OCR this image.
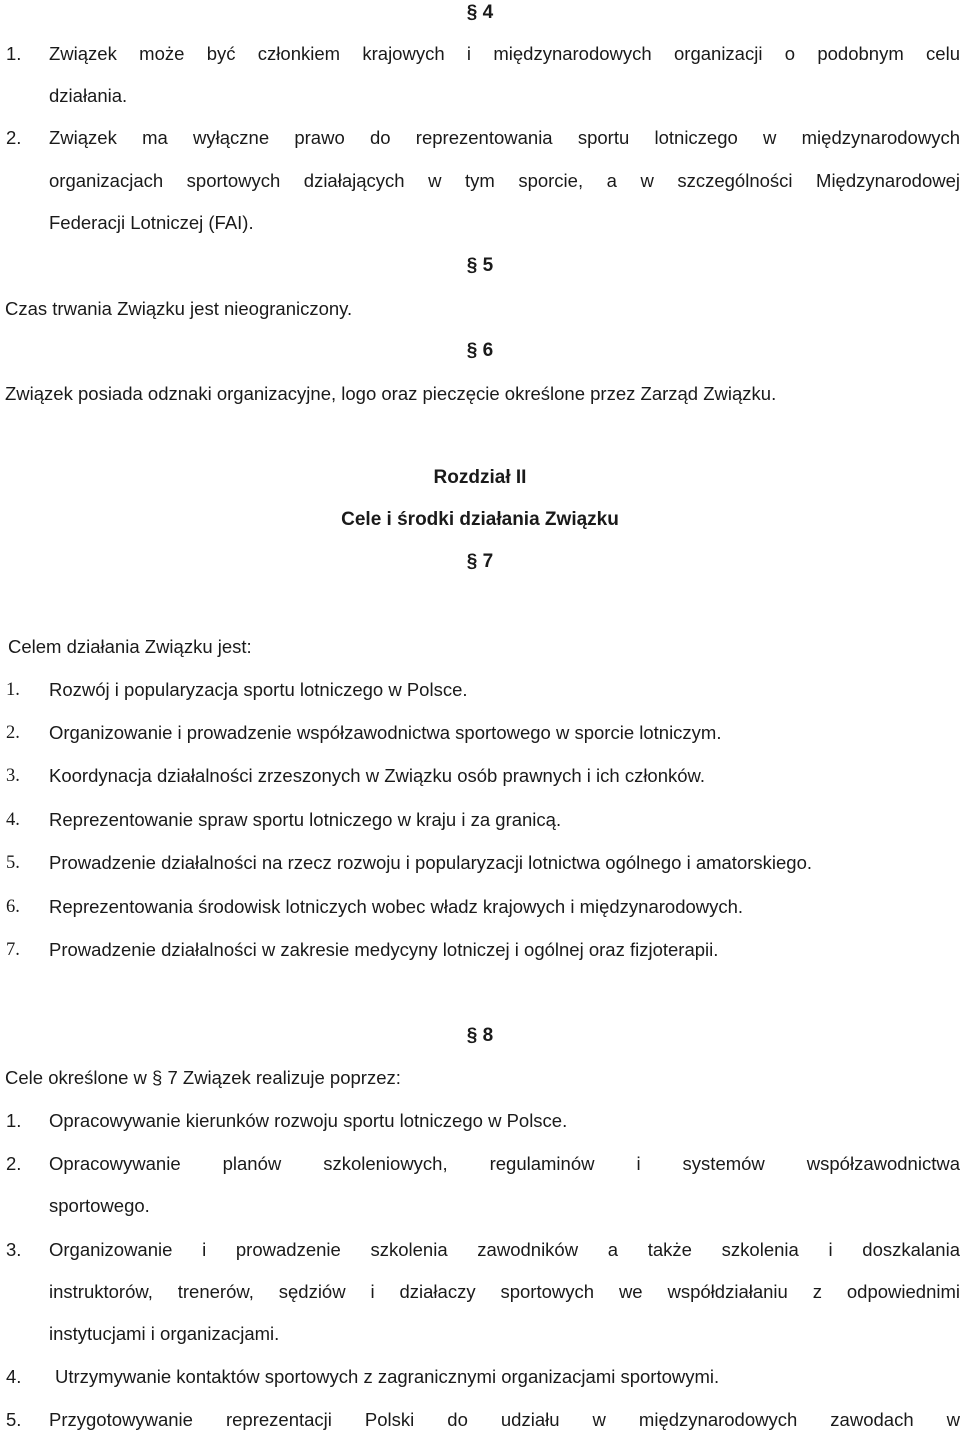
§ 4
1. Związek może być członkiem krajowych i międzynarodowych organizacji o podobnym celu
działania.
2. Związek ma wyłączne prawo do reprezentowania sportu lotniczego w międzynarodowych
organizacjach sportowych działających w tym sporcie, a w szczególności Międzynarodowej
Federacji Lotniczej (FAI).
§ 5
Czas trwania Związku jest nieograniczony.
§ 6
Związek posiada odznaki organizacyjne, logo oraz pieczęcie określone przez Zarząd Związku.
Rozdział II
Cele i środki działania Związku
§ 7
Celem działania Związku jest:
1. Rozwój i popularyzacja sportu lotniczego w Polsce.
2. Organizowanie i prowadzenie współzawodnictwa sportowego w sporcie lotniczym.
3. Koordynacja działalności zrzeszonych w Związku osób prawnych i ich członków.
4. Reprezentowanie spraw sportu lotniczego w kraju i za granicą.
5. Prowadzenie działalności na rzecz rozwoju i popularyzacji lotnictwa ogólnego i amatorskiego.
6. Reprezentowania środowisk lotniczych wobec władz krajowych i międzynarodowych.
7. Prowadzenie działalności w zakresie medycyny lotniczej i ogólnej oraz fizjoterapii.
§ 8
Cele określone w § 7 Związek realizuje poprzez:
1. Opracowywanie kierunków rozwoju sportu lotniczego w Polsce.
2. Opracowywanie planów szkoleniowych, regulaminów i systemów współzawodnictwa
sportowego.
3. Organizowanie i prowadzenie szkolenia zawodników a także szkolenia i doszkalania
instruktorów, trenerów, sędziów i działaczy sportowych we współdziałaniu z odpowiednimi
instytucjami i organizacjami.
4. Utrzymywanie kontaktów sportowych z zagranicznymi organizacjami sportowymi.
5. Przygotowywanie reprezentacji Polski do udziału w międzynarodowych zawodach w
